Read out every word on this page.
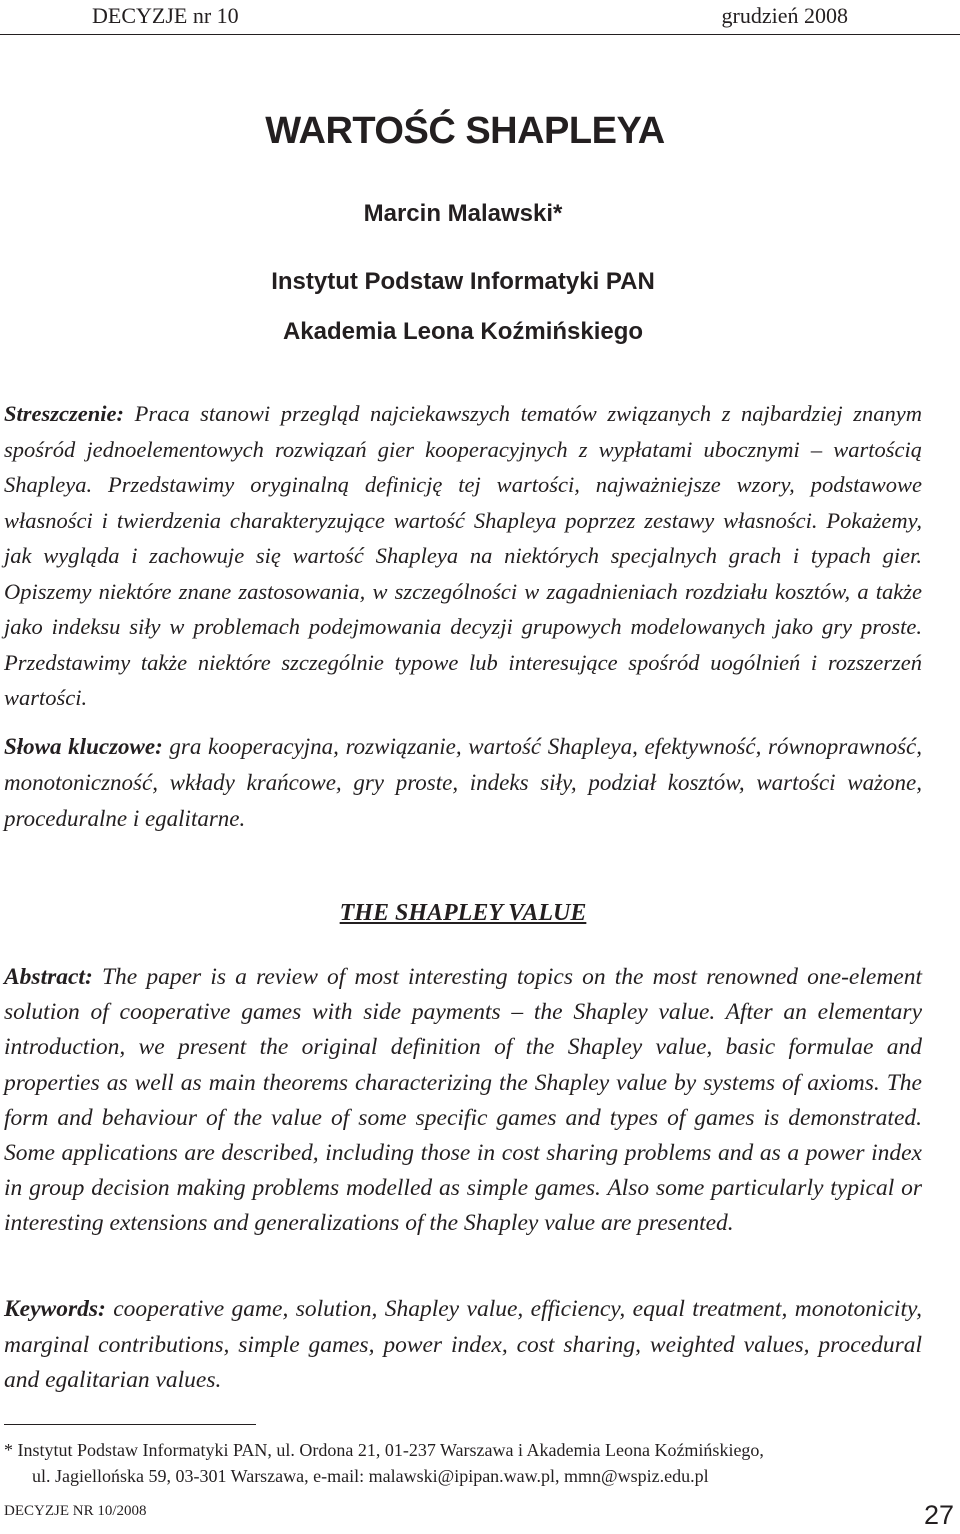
DECYZJE nr 10	grudzień 2008
WARTOŚĆ SHAPLEYA
Marcin Malawski*
Instytut Podstaw Informatyki PAN
Akademia Leona Koźmińskiego
Streszczenie: Praca stanowi przegląd najciekawszych tematów związanych z najbardziej znanym spośród jednoelementowych rozwiązań gier kooperacyjnych z wypłatami ubocznymi – wartością Shapleya. Przedstawimy oryginalną definicję tej wartości, najważniejsze wzory, podstawowe własności i twierdzenia charakteryzujące wartość Shapleya poprzez zestawy własności. Pokażemy, jak wygląda i zachowuje się wartość Shapleya na niektórych specjalnych grach i typach gier. Opiszemy niektóre znane zastosowania, w szczególności w zagadnieniach rozdziału kosztów, a także jako indeksu siły w problemach podejmowania decyzji grupowych modelowanych jako gry proste. Przedstawimy także niektóre szczególnie typowe lub interesujące spośród uogólnień i rozszerzeń wartości.
Słowa kluczowe: gra kooperacyjna, rozwiązanie, wartość Shapleya, efektywność, równoprawność, monotoniczność, wkłady krańcowe, gry proste, indeks siły, podział kosztów, wartości ważone, proceduralne i egalitarne.
THE SHAPLEY VALUE
Abstract: The paper is a review of most interesting topics on the most renowned one-element solution of cooperative games with side payments – the Shapley value. After an elementary introduction, we present the original definition of the Shapley value, basic formulae and properties as well as main theorems characterizing the Shapley value by systems of axioms. The form and behaviour of the value of some specific games and types of games is demonstrated. Some applications are described, including those in cost sharing problems and as a power index in group decision making problems modelled as simple games. Also some particularly typical or interesting extensions and generalizations of the Shapley value are presented.
Keywords: cooperative game, solution, Shapley value, efficiency, equal treatment, monotonicity, marginal contributions, simple games, power index, cost sharing, weighted values, procedural and egalitarian values.
* Instytut Podstaw Informatyki PAN, ul. Ordona 21, 01-237 Warszawa i Akademia Leona Koźmińskiego,
ul. Jagiellońska 59, 03-301 Warszawa, e-mail: malawski@ipipan.waw.pl, mmn@wspiz.edu.pl
DECYZJE NR 10/2008	27
